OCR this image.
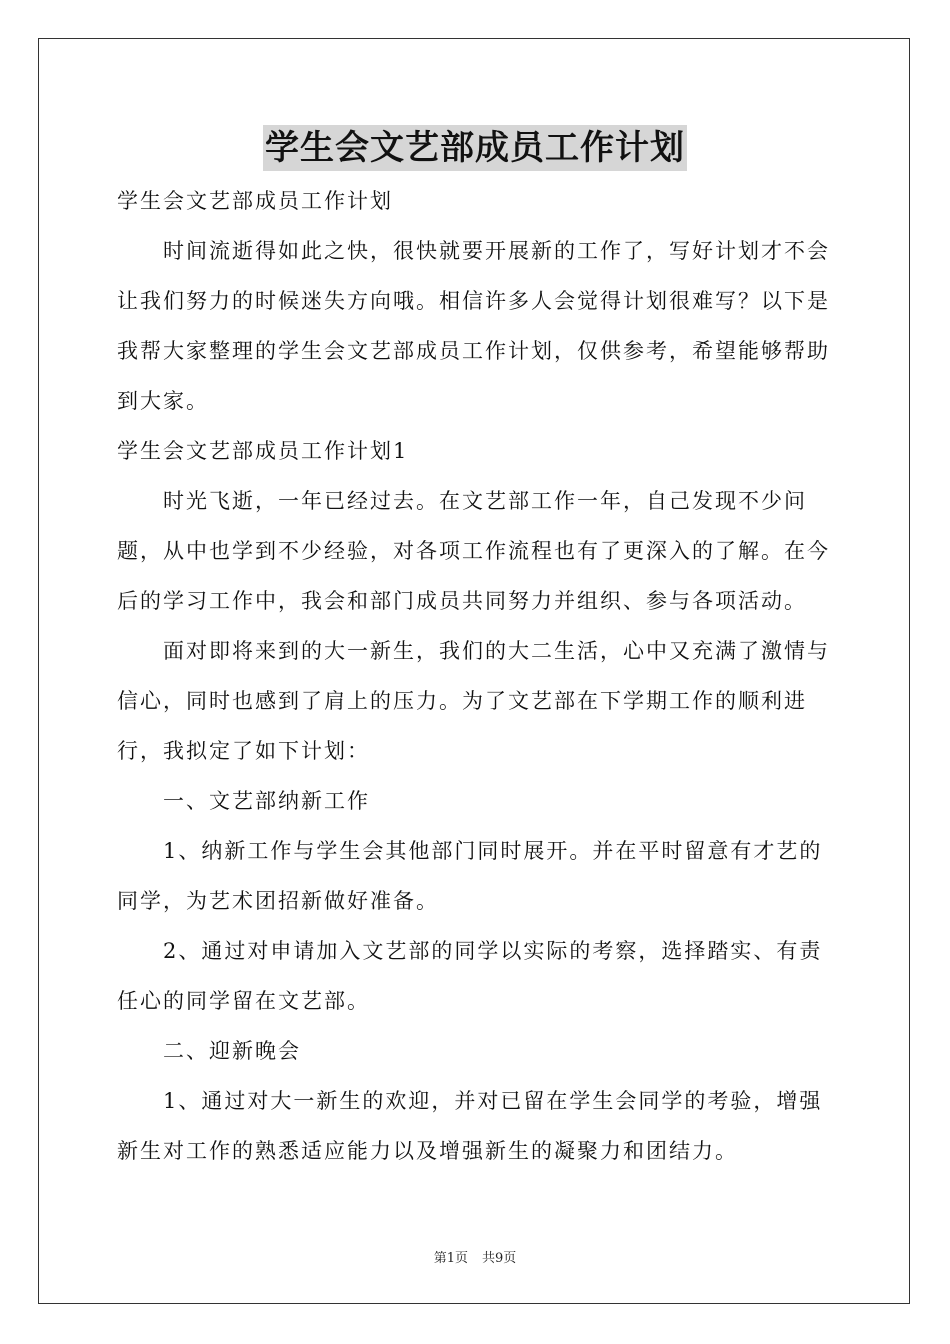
学生会文艺部成员工作计划

学生会文艺部成员工作计划

时间流逝得如此之快，很快就要开展新的工作了，写好计划才不会让我们努力的时候迷失方向哦。相信许多人会觉得计划很难写？以下是我帮大家整理的学生会文艺部成员工作计划，仅供参考，希望能够帮助到大家。

学生会文艺部成员工作计划1

时光飞逝，一年已经过去。在文艺部工作一年，自己发现不少问题，从中也学到不少经验，对各项工作流程也有了更深入的了解。在今后的学习工作中，我会和部门成员共同努力并组织、参与各项活动。

面对即将来到的大一新生，我们的大二生活，心中又充满了激情与信心，同时也感到了肩上的压力。为了文艺部在下学期工作的顺利进行，我拟定了如下计划：

一、文艺部纳新工作

1、纳新工作与学生会其他部门同时展开。并在平时留意有才艺的同学，为艺术团招新做好准备。

2、通过对申请加入文艺部的同学以实际的考察，选择踏实、有责任心的同学留在文艺部。

二、迎新晚会

1、通过对大一新生的欢迎，并对已留在学生会同学的考验，增强新生对工作的熟悉适应能力以及增强新生的凝聚力和团结力。

第1页 共9页
